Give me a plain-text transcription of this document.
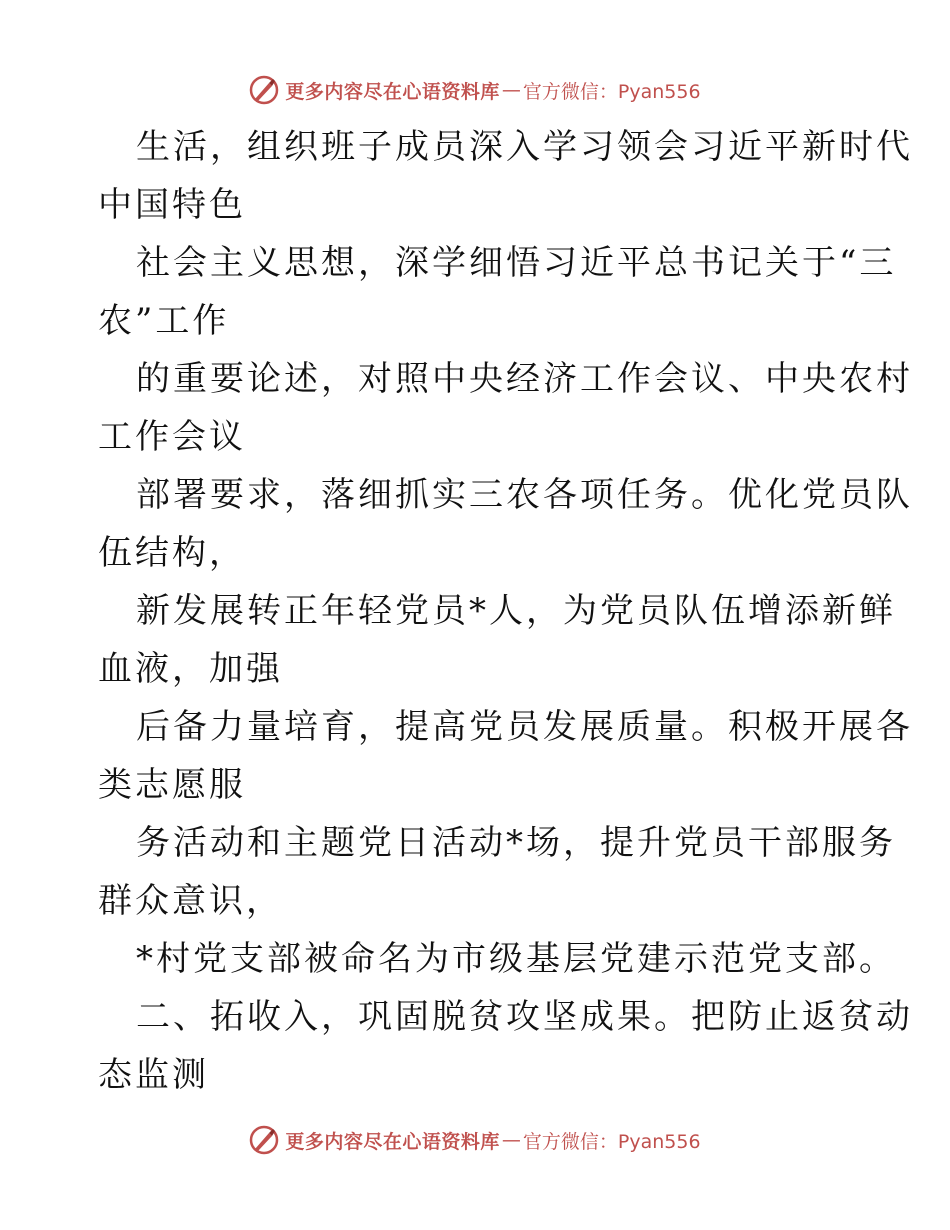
更多内容尽在心语资料库 — 官方微信：Pyan556
生活，组织班子成员深入学习领会习近平新时代
中国特色
社会主义思想，深学细悟习近平总书记关于“三
农”工作
的重要论述，对照中央经济工作会议、中央农村
工作会议
部署要求，落细抓实三农各项任务。优化党员队
伍结构，
新发展转正年轻党员*人，为党员队伍增添新鲜
血液，加强
后备力量培育，提高党员发展质量。积极开展各
类志愿服
务活动和主题党日活动*场，提升党员干部服务
群众意识，
*村党支部被命名为市级基层党建示范党支部。
二、拓收入，巩固脱贫攻坚成果。把防止返贫动
态监测
更多内容尽在心语资料库 — 官方微信：Pyan556
